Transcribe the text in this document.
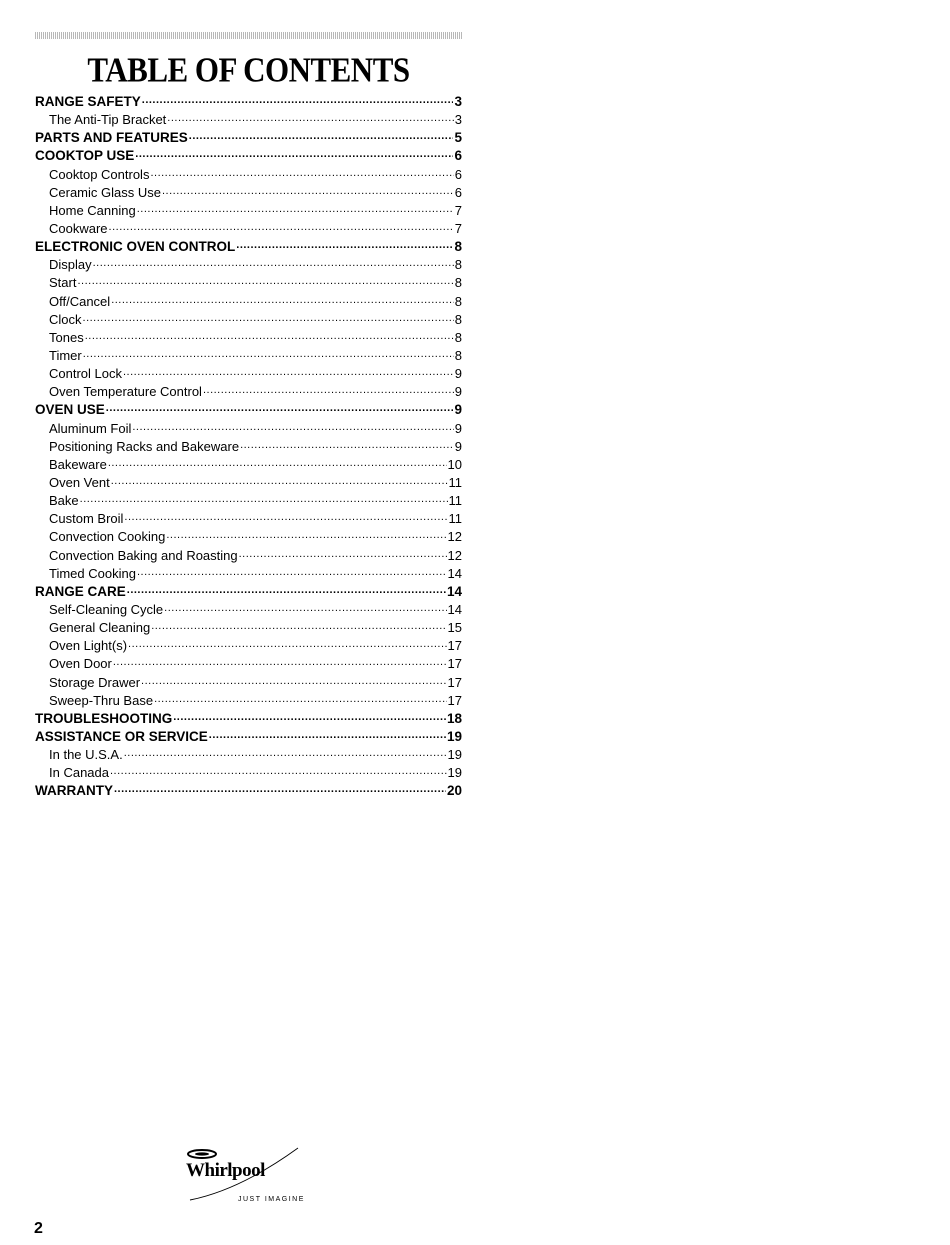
TABLE OF CONTENTS
RANGE SAFETY .....	3
The Anti-Tip Bracket .....	3
PARTS AND FEATURES .....	5
COOKTOP USE .....	6
Cooktop Controls .....	6
Ceramic Glass Use .....	6
Home Canning .....	7
Cookware .....	7
ELECTRONIC OVEN CONTROL .....	8
Display .....	8
Start .....	8
Off/Cancel .....	8
Clock .....	8
Tones .....	8
Timer .....	8
Control Lock .....	9
Oven Temperature Control .....	9
OVEN USE .....	9
Aluminum Foil .....	9
Positioning Racks and Bakeware .....	9
Bakeware .....	10
Oven Vent .....	11
Bake .....	11
Custom Broil .....	11
Convection Cooking .....	12
Convection Baking and Roasting .....	12
Timed Cooking .....	14
RANGE CARE .....	14
Self-Cleaning Cycle .....	14
General Cleaning .....	15
Oven Light(s) .....	17
Oven Door .....	17
Storage Drawer .....	17
Sweep-Thru Base .....	17
TROUBLESHOOTING .....	18
ASSISTANCE OR SERVICE .....	19
In the U.S.A. .....	19
In Canada .....	19
WARRANTY .....	20
Whirlpool
JUST IMAGINE
2
